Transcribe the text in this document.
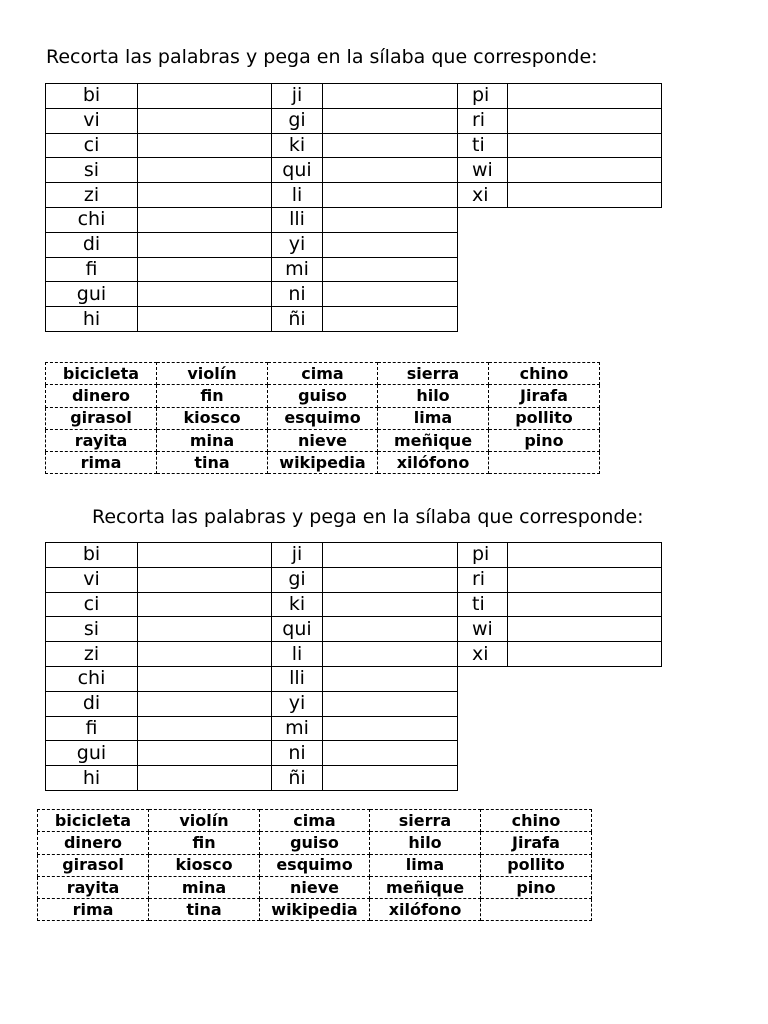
Recorta las palabras y pega en la sílaba que corresponde:
bi		ji		pi	
vi		gi		ri	
ci		ki		ti	
si		qui		wi	
zi		li		xi	
chi		lli			
di		yi			
fi		mi			
gui		ni			
hi		ñi			
bicicleta	violín	cima	sierra	chino
dinero	fin	guiso	hilo	Jirafa
girasol	kiosco	esquimo	lima	pollito
rayita	mina	nieve	meñique	pino
rima	tina	wikipedia	xilófono	
Recorta las palabras y pega en la sílaba que corresponde:
bi		ji		pi	
vi		gi		ri	
ci		ki		ti	
si		qui		wi	
zi		li		xi	
chi		lli			
di		yi			
fi		mi			
gui		ni			
hi		ñi			
bicicleta	violín	cima	sierra	chino
dinero	fin	guiso	hilo	Jirafa
girasol	kiosco	esquimo	lima	pollito
rayita	mina	nieve	meñique	pino
rima	tina	wikipedia	xilófono	
